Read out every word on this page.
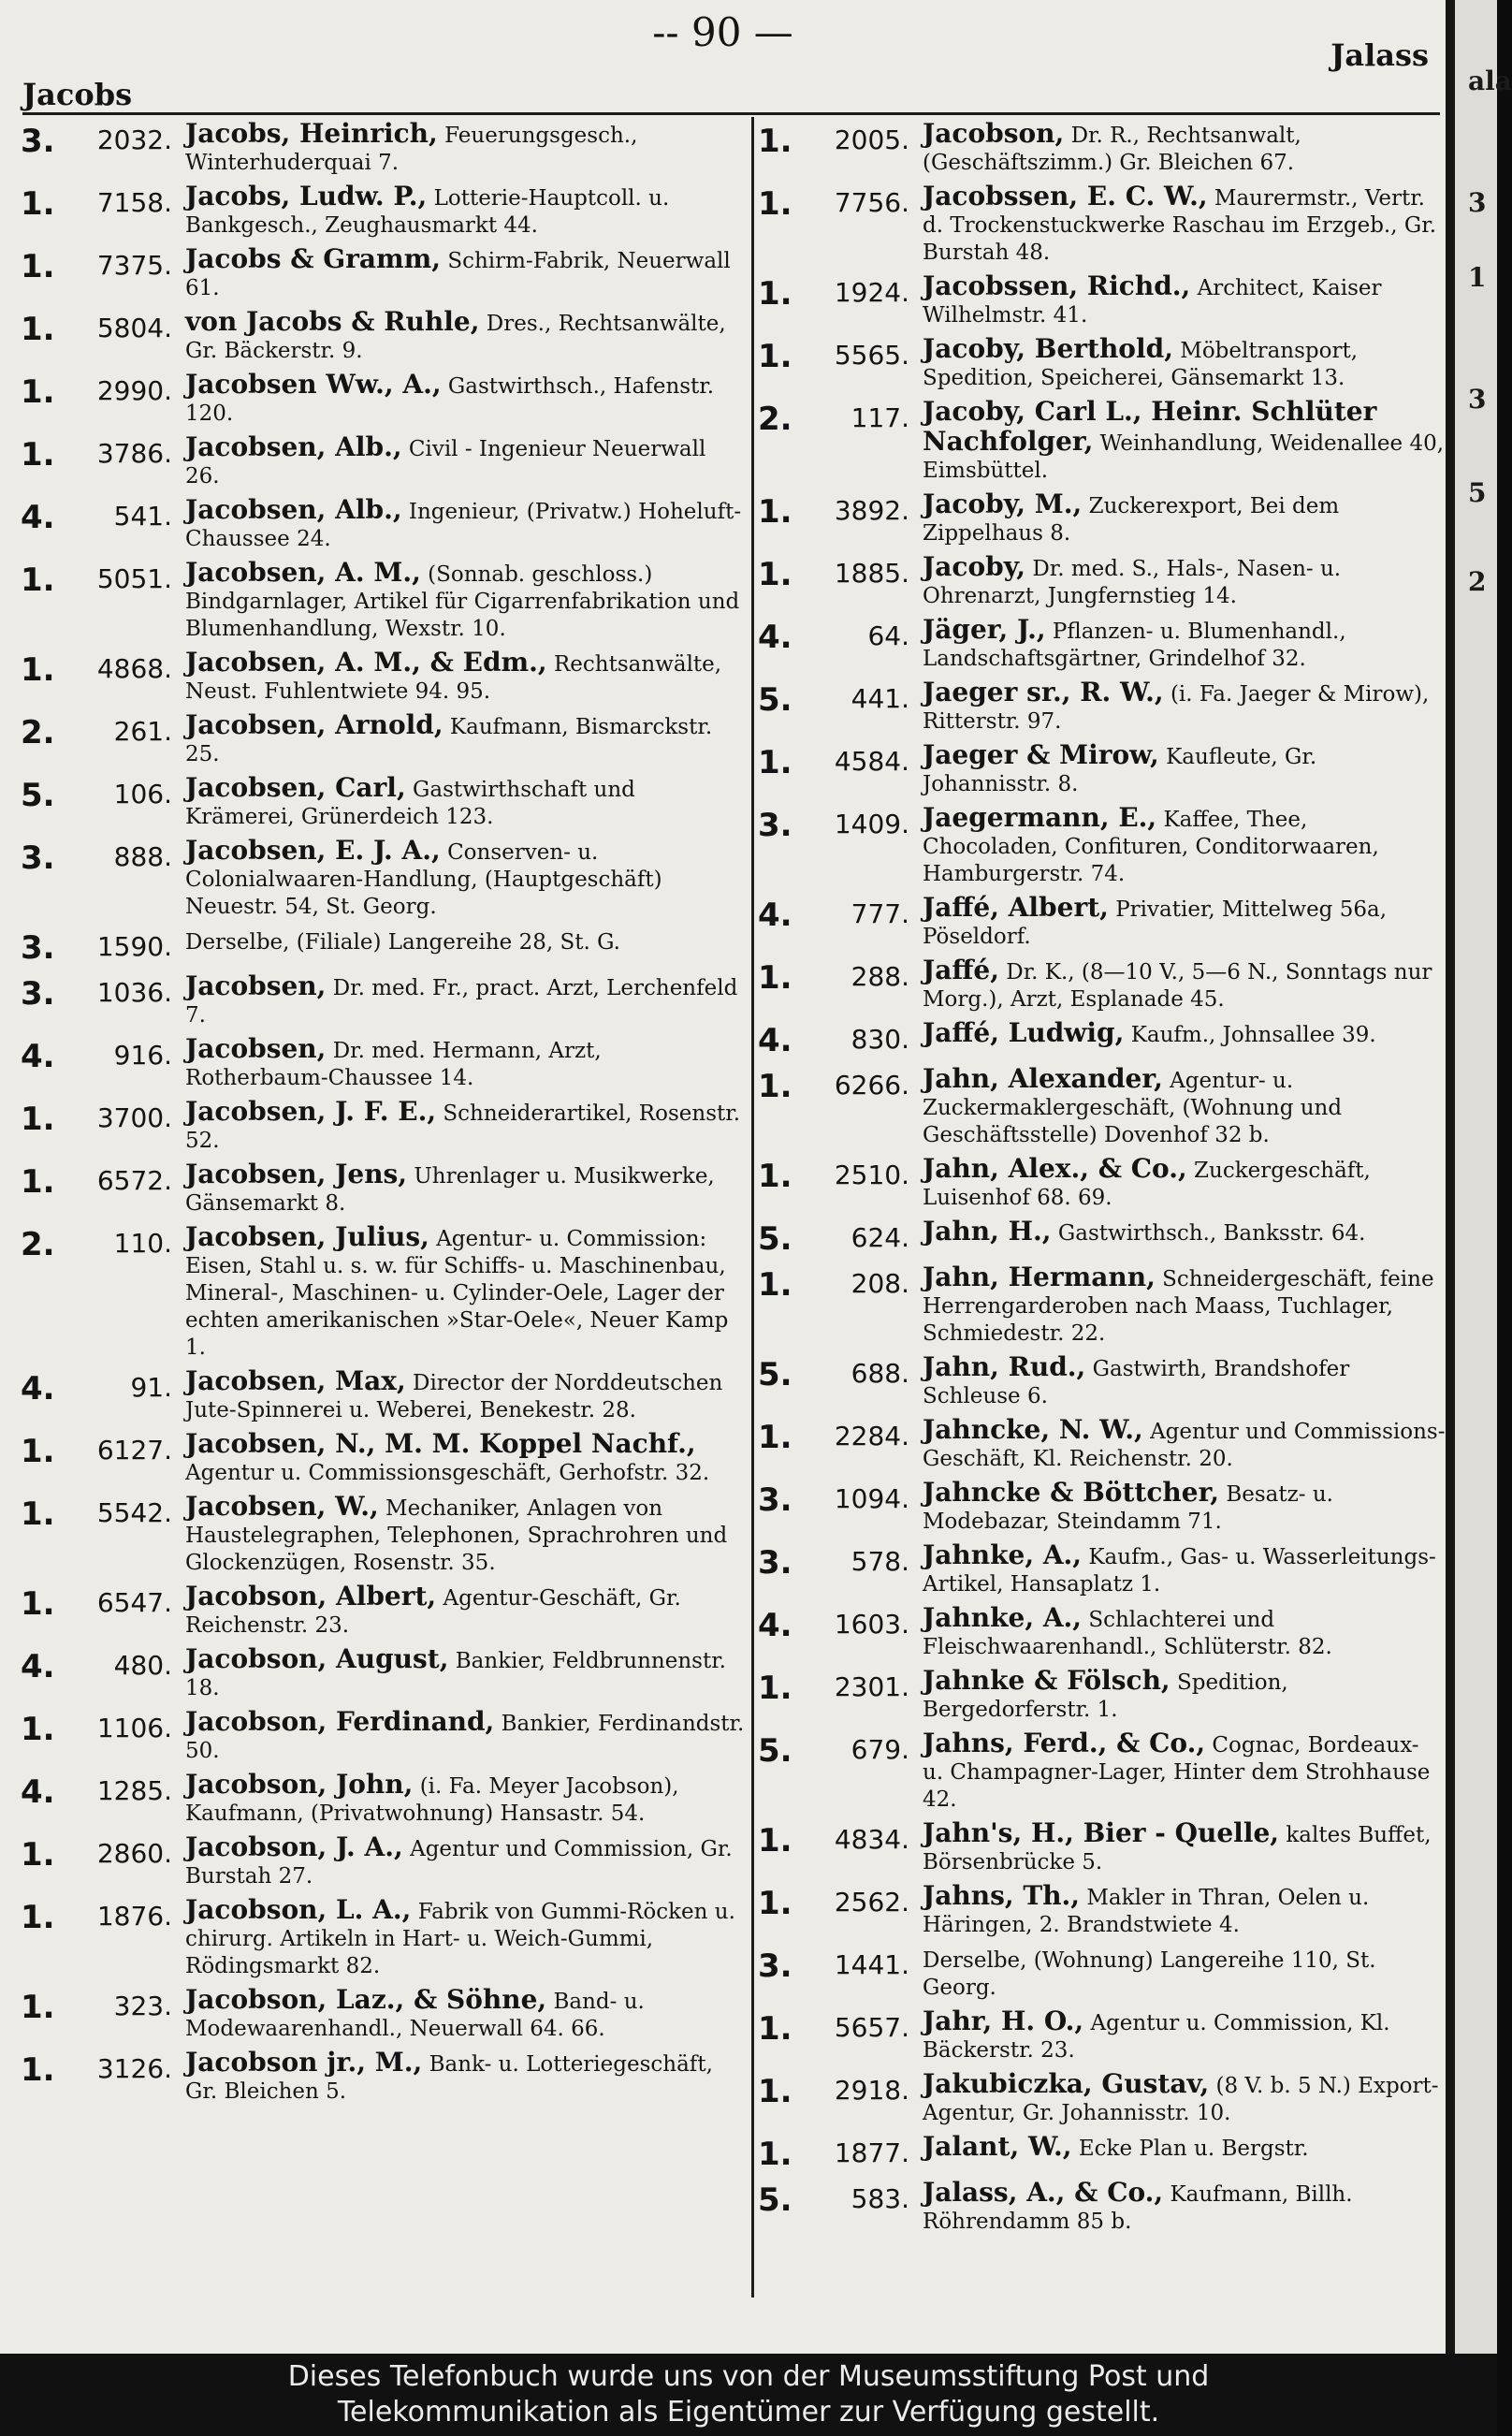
-- 90 —
Jacobs
Jalass
3.	2032. Jacobs, Heinrich, Feuerungsgesch., Winterhuderquai 7.
1.	7158. Jacobs, Ludw. P., Lotterie-Hauptcoll. u. Bankgesch., Zeughausmarkt 44.
1.	7375. Jacobs & Gramm, Schirm-Fabrik, Neuerwall 61.
1.	5804. von Jacobs & Ruhle, Dres., Rechtsanwälte, Gr. Bäckerstr. 9.
1.	2990. Jacobsen Ww., A., Gastwirthsch., Hafenstr. 120.
1.	3786. Jacobsen, Alb., Civil - Ingenieur Neuerwall 26.
4.	541. Jacobsen, Alb., Ingenieur, (Privatw.) Hoheluft-Chaussee 24.
1.	5051. Jacobsen, A. M., (Sonnab. geschloss.) Bindgarnlager, Artikel für Cigarrenfabrikation und Blumenhandlung, Wexstr. 10.
1.	4868. Jacobsen, A. M., & Edm., Rechtsanwälte, Neust. Fuhlentwiete 94. 95.
2.	261. Jacobsen, Arnold, Kaufmann, Bismarckstr. 25.
5.	106. Jacobsen, Carl, Gastwirthschaft und Krämerei, Grünerdeich 123.
3.	888. Jacobsen, E. J. A., Conserven- u. Colonialwaaren-Handlung, (Hauptgeschäft) Neuestr. 54, St. Georg.
3.	1590. Derselbe, (Filiale) Langereihe 28, St. G.
3.	1036. Jacobsen, Dr. med. Fr., pract. Arzt, Lerchenfeld 7.
4.	916. Jacobsen, Dr. med. Hermann, Arzt, Rotherbaum-Chaussee 14.
1.	3700. Jacobsen, J. F. E., Schneiderartikel, Rosenstr. 52.
1.	6572. Jacobsen, Jens, Uhrenlager u. Musikwerke, Gänsemarkt 8.
2.	110. Jacobsen, Julius, Agentur- u. Commission: Eisen, Stahl u. s. w. für Schiffs- u. Maschinenbau, Mineral-, Maschinen- u. Cylinder-Oele, Lager der echten amerikanischen »Star-Oele«, Neuer Kamp 1.
4.	91. Jacobsen, Max, Director der Norddeutschen Jute-Spinnerei u. Weberei, Benekestr. 28.
1.	6127. Jacobsen, N., M. M. Koppel Nachf., Agentur u. Commissionsgeschäft, Gerhofstr. 32.
1.	5542. Jacobsen, W., Mechaniker, Anlagen von Haustelegraphen, Telephonen, Sprachrohren und Glockenzügen, Rosenstr. 35.
1.	6547. Jacobson, Albert, Agentur-Geschäft, Gr. Reichenstr. 23.
4.	480. Jacobson, August, Bankier, Feldbrunnenstr. 18.
1.	1106. Jacobson, Ferdinand, Bankier, Ferdinandstr. 50.
4.	1285. Jacobson, John, (i. Fa. Meyer Jacobson), Kaufmann, (Privatwohnung) Hansastr. 54.
1.	2860. Jacobson, J. A., Agentur und Commission, Gr. Burstah 27.
1.	1876. Jacobson, L. A., Fabrik von Gummi-Röcken u. chirurg. Artikeln in Hart- u. Weich-Gummi, Rödingsmarkt 82.
1.	323. Jacobson, Laz., & Söhne, Band- u. Modewaarenhandl., Neuerwall 64. 66.
1.	3126. Jacobson jr., M., Bank- u. Lotteriegeschäft, Gr. Bleichen 5.
1.	2005. Jacobson, Dr. R., Rechtsanwalt, (Geschäftszimm.) Gr. Bleichen 67.
1.	7756. Jacobssen, E. C. W., Maurermstr., Vertr. d. Trockenstuckwerke Raschau im Erzgeb., Gr. Burstah 48.
1.	1924. Jacobssen, Richd., Architect, Kaiser Wilhelmstr. 41.
1.	5565. Jacoby, Berthold, Möbeltransport, Spedition, Speicherei, Gänsemarkt 13.
2.	117. Jacoby, Carl L., Heinr. Schlüter Nachfolger, Weinhandlung, Weidenallee 40, Eimsbüttel.
1.	3892. Jacoby, M., Zuckerexport, Bei dem Zippelhaus 8.
1.	1885. Jacoby, Dr. med. S., Hals-, Nasen- u. Ohrenarzt, Jungfernstieg 14.
4.	64. Jäger, J., Pflanzen- u. Blumenhandl., Landschaftsgärtner, Grindelhof 32.
5.	441. Jaeger sr., R. W., (i. Fa. Jaeger & Mirow), Ritterstr. 97.
1.	4584. Jaeger & Mirow, Kaufleute, Gr. Johannisstr. 8.
3.	1409. Jaegermann, E., Kaffee, Thee, Chocoladen, Confituren, Conditorwaaren, Hamburgerstr. 74.
4.	777. Jaffé, Albert, Privatier, Mittelweg 56a, Pöseldorf.
1.	288. Jaffé, Dr. K., (8—10 V., 5—6 N., Sonntags nur Morg.), Arzt, Esplanade 45.
4.	830. Jaffé, Ludwig, Kaufm., Johnsallee 39.
1.	6266. Jahn, Alexander, Agentur- u. Zuckermaklergeschäft, (Wohnung und Geschäftsstelle) Dovenhof 32 b.
1.	2510. Jahn, Alex., & Co., Zuckergeschäft, Luisenhof 68. 69.
5.	624. Jahn, H., Gastwirthsch., Banksstr. 64.
1.	208. Jahn, Hermann, Schneidergeschäft, feine Herrengarderoben nach Maass, Tuchlager, Schmiedestr. 22.
5.	688. Jahn, Rud., Gastwirth, Brandshofer Schleuse 6.
1.	2284. Jahncke, N. W., Agentur und Commissions-Geschäft, Kl. Reichenstr. 20.
3.	1094. Jahncke & Böttcher, Besatz- u. Modebazar, Steindamm 71.
3.	578. Jahnke, A., Kaufm., Gas- u. Wasserleitungs-Artikel, Hansaplatz 1.
4.	1603. Jahnke, A., Schlachterei und Fleischwaarenhandl., Schlüterstr. 82.
1.	2301. Jahnke & Fölsch, Spedition, Bergedorferstr. 1.
5.	679. Jahns, Ferd., & Co., Cognac, Bordeaux- u. Champagner-Lager, Hinter dem Strohhause 42.
1.	4834. Jahn's, H., Bier - Quelle, kaltes Buffet, Börsenbrücke 5.
1.	2562. Jahns, Th., Makler in Thran, Oelen u. Häringen, 2. Brandstwiete 4.
3.	1441. Derselbe, (Wohnung) Langereihe 110, St. Georg.
1.	5657. Jahr, H. O., Agentur u. Commission, Kl. Bäckerstr. 23.
1.	2918. Jakubiczka, Gustav, (8 V. b. 5 N.) Export-Agentur, Gr. Johannisstr. 10.
1.	1877. Jalant, W., Ecke Plan u. Bergstr.
5.	583. Jalass, A., & Co., Kaufmann, Billh. Röhrendamm 85 b.
ala
3
1
3
5
2
Dieses Telefonbuch wurde uns von der Museumsstiftung Post und
Telekommunikation als Eigentümer zur Verfügung gestellt.
